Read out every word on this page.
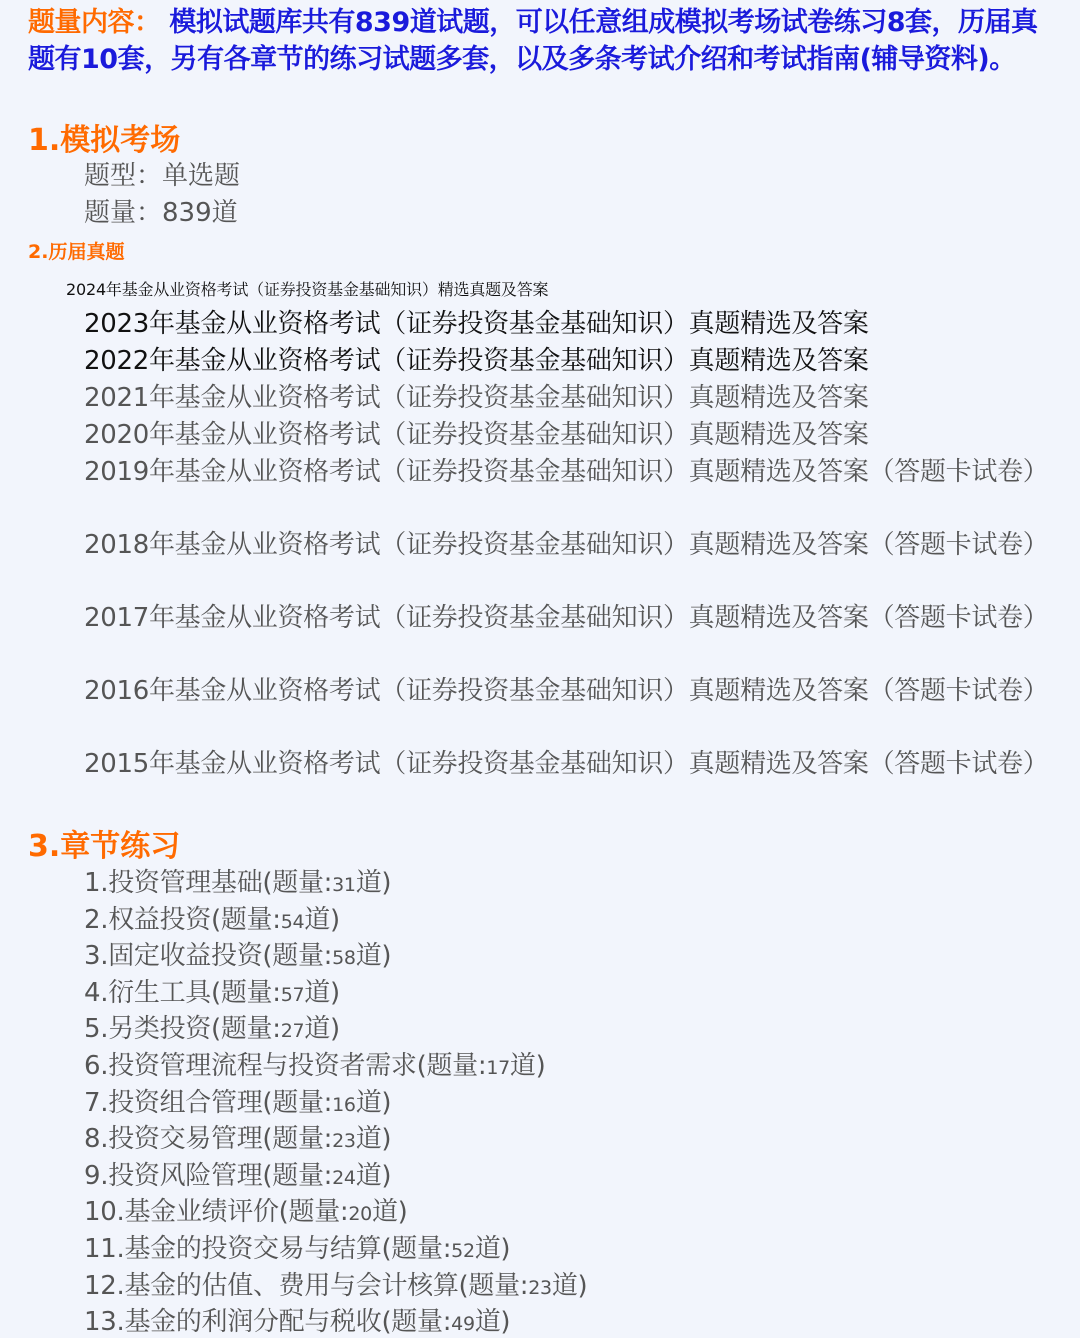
题量内容： 模拟试题库共有839道试题，可以任意组成模拟考场试卷练习8套，历届真题有10套，另有各章节的练习试题多套，以及多条考试介绍和考试指南(辅导资料)。
1.模拟考场
题型：单选题
题量：839道
2.历届真题
2024年基金从业资格考试（证券投资基金基础知识）精选真题及答案
2023年基金从业资格考试（证券投资基金基础知识）真题精选及答案
2022年基金从业资格考试（证券投资基金基础知识）真题精选及答案
2021年基金从业资格考试（证券投资基金基础知识）真题精选及答案
2020年基金从业资格考试（证券投资基金基础知识）真题精选及答案
2019年基金从业资格考试（证券投资基金基础知识）真题精选及答案（答题卡试卷）
2018年基金从业资格考试（证券投资基金基础知识）真题精选及答案（答题卡试卷）
2017年基金从业资格考试（证券投资基金基础知识）真题精选及答案（答题卡试卷）
2016年基金从业资格考试（证券投资基金基础知识）真题精选及答案（答题卡试卷）
2015年基金从业资格考试（证券投资基金基础知识）真题精选及答案（答题卡试卷）
3.章节练习
1.投资管理基础(题量:31道)
2.权益投资(题量:54道)
3.固定收益投资(题量:58道)
4.衍生工具(题量:57道)
5.另类投资(题量:27道)
6.投资管理流程与投资者需求(题量:17道)
7.投资组合管理(题量:16道)
8.投资交易管理(题量:23道)
9.投资风险管理(题量:24道)
10.基金业绩评价(题量:20道)
11.基金的投资交易与结算(题量:52道)
12.基金的估值、费用与会计核算(题量:23道)
13.基金的利润分配与税收(题量:49道)
